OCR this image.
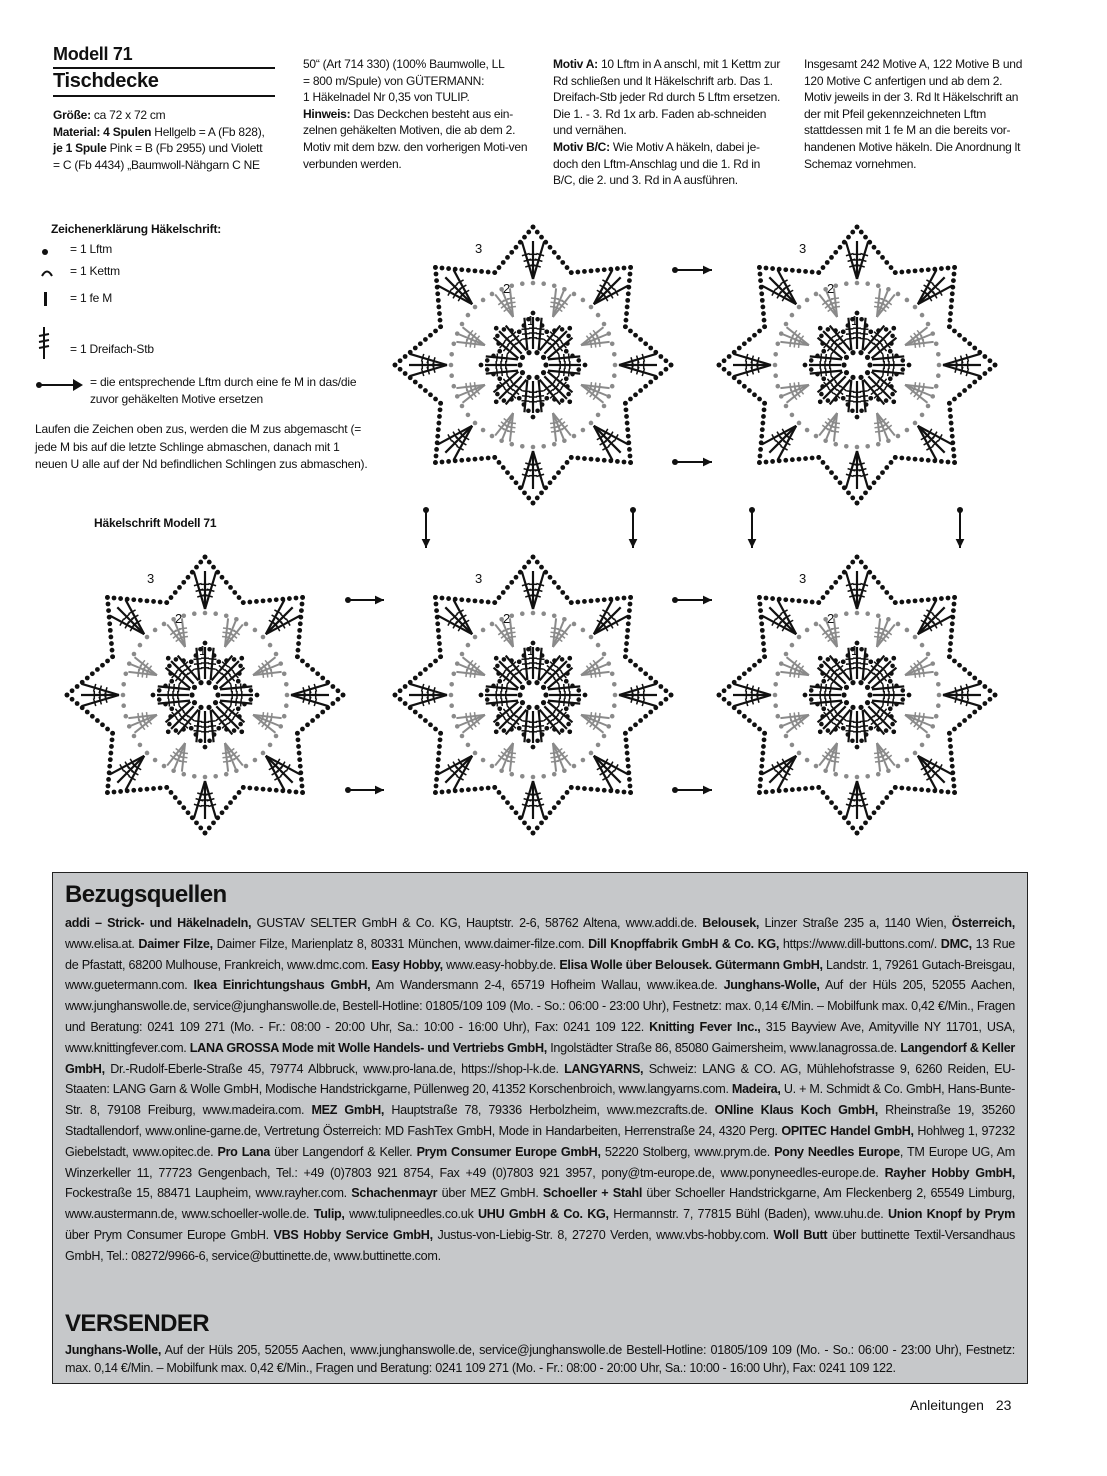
Modell 71
Tischdecke
Größe: ca 72 x 72 cm
Material: 4 Spulen Hellgelb = A (Fb 828),
je 1 Spule Pink = B (Fb 2955) und Violett
= C (Fb 4434) „Baumwoll-Nähgarn C NE
50“ (Art 714 330) (100% Baumwolle, LL
= 800 m/Spule) von GÜTERMANN:
1 Häkelnadel Nr 0,35 von TULIP.
Hinweis: Das Deckchen besteht aus ein-zelnen gehäkelten Motiven, die ab dem 2. Motiv mit dem bzw. den vorherigen Moti-ven verbunden werden.
Motiv A: 10 Lftm in A anschl, mit 1 Kettm zur Rd schließen und lt Häkelschrift arb. Das 1. Dreifach-Stb jeder Rd durch 5 Lftm ersetzen. Die 1. - 3. Rd 1x arb. Faden ab-schneiden und vernähen.
Motiv B/C: Wie Motiv A häkeln, dabei je-doch den Lftm-Anschlag und die 1. Rd in B/C, die 2. und 3. Rd in A ausführen.
Insgesamt 242 Motive A, 122 Motive B und 120 Motive C anfertigen und ab dem 2. Motiv jeweils in der 3. Rd lt Häkelschrift an der mit Pfeil gekennzeichneten Lftm stattdessen mit 1 fe M an die bereits vor-handenen Motive häkeln. Die Anordnung lt Schemaz vornehmen.
Zeichenerklärung Häkelschrift:
= 1 Lftm
= 1 Kettm
= 1 fe M
= 1 Dreifach-Stb
= die entsprechende Lftm durch eine fe M in das/die zuvor gehäkelten Motive ersetzen
Laufen die Zeichen oben zus, werden die M zus abgemascht (= jede M bis auf die letzte Schlinge abmaschen, danach mit 1 neuen U alle auf der Nd befindlichen Schlingen zus abmaschen).
Häkelschrift Modell 71
1
2
3
1
2
3
1
2
3
1
2
3
1
2
3
Bezugsquellen
addi – Strick- und Häkelnadeln, GUSTAV SELTER GmbH & Co. KG, Hauptstr. 2-6, 58762 Altena, www.addi.de. Belousek, Linzer Straße 235 a, 1140 Wien, Österreich, www.elisa.at. Daimer Filze, Daimer Filze, Marienplatz 8, 80331 München, www.daimer-filze.com. Dill Knopffabrik GmbH & Co. KG, https://www.dill-buttons.com/. DMC, 13 Rue de Pfastatt, 68200 Mulhouse, Frankreich, www.dmc.com. Easy Hobby, www.easy-hobby.de. Elisa Wolle über Belousek. Gütermann GmbH, Landstr. 1, 79261 Gutach-Breisgau, www.guetermann.com. Ikea Einrichtungshaus GmbH, Am Wandersmann 2-4, 65719 Hofheim Wallau, www.ikea.de. Junghans-Wolle, Auf der Hüls 205, 52055 Aachen, www.junghanswolle.de, service@junghanswolle.de, Bestell-Hotline: 01805/109 109 (Mo. - So.: 06:00 - 23:00 Uhr), Festnetz: max. 0,14 €/Min. – Mobilfunk max. 0,42 €/Min., Fragen und Beratung: 0241 109 271 (Mo. - Fr.: 08:00 - 20:00 Uhr, Sa.: 10:00 - 16:00 Uhr), Fax: 0241 109 122. Knitting Fever Inc., 315 Bayview Ave, Amityville NY 11701, USA, www.knittingfever.com. LANA GROSSA Mode mit Wolle Handels- und Vertriebs GmbH, Ingolstädter Straße 86, 85080 Gaimersheim, www.lanagrossa.de. Langendorf & Keller GmbH, Dr.-Rudolf-Eberle-Straße 45, 79774 Albbruck, www.pro-lana.de, https://shop-l-k.de. LANGYARNS, Schweiz: LANG & CO. AG, Mühlehofstrasse 9, 6260 Reiden, EU-Staaten: LANG Garn & Wolle GmbH, Modische Handstrickgarne, Püllenweg 20, 41352 Korschenbroich, www.langyarns.com. Madeira, U. + M. Schmidt & Co. GmbH, Hans-Bunte-Str. 8, 79108 Freiburg, www.madeira.com. MEZ GmbH, Hauptstraße 78, 79336 Herbolzheim, www.mezcrafts.de. ONline Klaus Koch GmbH, Rheinstraße 19, 35260 Stadtallendorf, www.online-garne.de, Vertretung Österreich: MD FashTex GmbH, Mode in Handarbeiten, Herrenstraße 24, 4320 Perg. OPITEC Handel GmbH, Hohlweg 1, 97232 Giebelstadt, www.opitec.de. Pro Lana über Langendorf & Keller. Prym Consumer Europe GmbH, 52220 Stolberg, www.prym.de. Pony Needles Europe, TM Europe UG, Am Winzerkeller 11, 77723 Gengenbach, Tel.: +49 (0)7803 921 8754, Fax +49 (0)7803 921 3957, pony@tm-europe.de, www.ponyneedles-europe.de. Rayher Hobby GmbH, Fockestraße 15, 88471 Laupheim, www.rayher.com. Schachenmayr über MEZ GmbH. Schoeller + Stahl über Schoeller Handstrickgarne, Am Fleckenberg 2, 65549 Limburg, www.austermann.de, www.schoeller-wolle.de. Tulip, www.tulipneedles.co.uk UHU GmbH & Co. KG, Hermannstr. 7, 77815 Bühl (Baden), www.uhu.de. Union Knopf by Prym über Prym Consumer Europe GmbH. VBS Hobby Service GmbH, Justus-von-Liebig-Str. 8, 27270 Verden, www.vbs-hobby.com. Woll Butt über buttinette Textil-Versandhaus GmbH, Tel.: 08272/9966-6, service@buttinette.de, www.buttinette.com.
VERSENDER
Junghans-Wolle, Auf der Hüls 205, 52055 Aachen, www.junghanswolle.de, service@junghanswolle.de Bestell-Hotline: 01805/109 109 (Mo. - So.: 06:00 - 23:00 Uhr), Festnetz: max. 0,14 €/Min. – Mobilfunk max. 0,42 €/Min., Fragen und Beratung: 0241 109 271 (Mo. - Fr.: 08:00 - 20:00 Uhr, Sa.: 10:00 - 16:00 Uhr), Fax: 0241 109 122.
Anleitungen 23
